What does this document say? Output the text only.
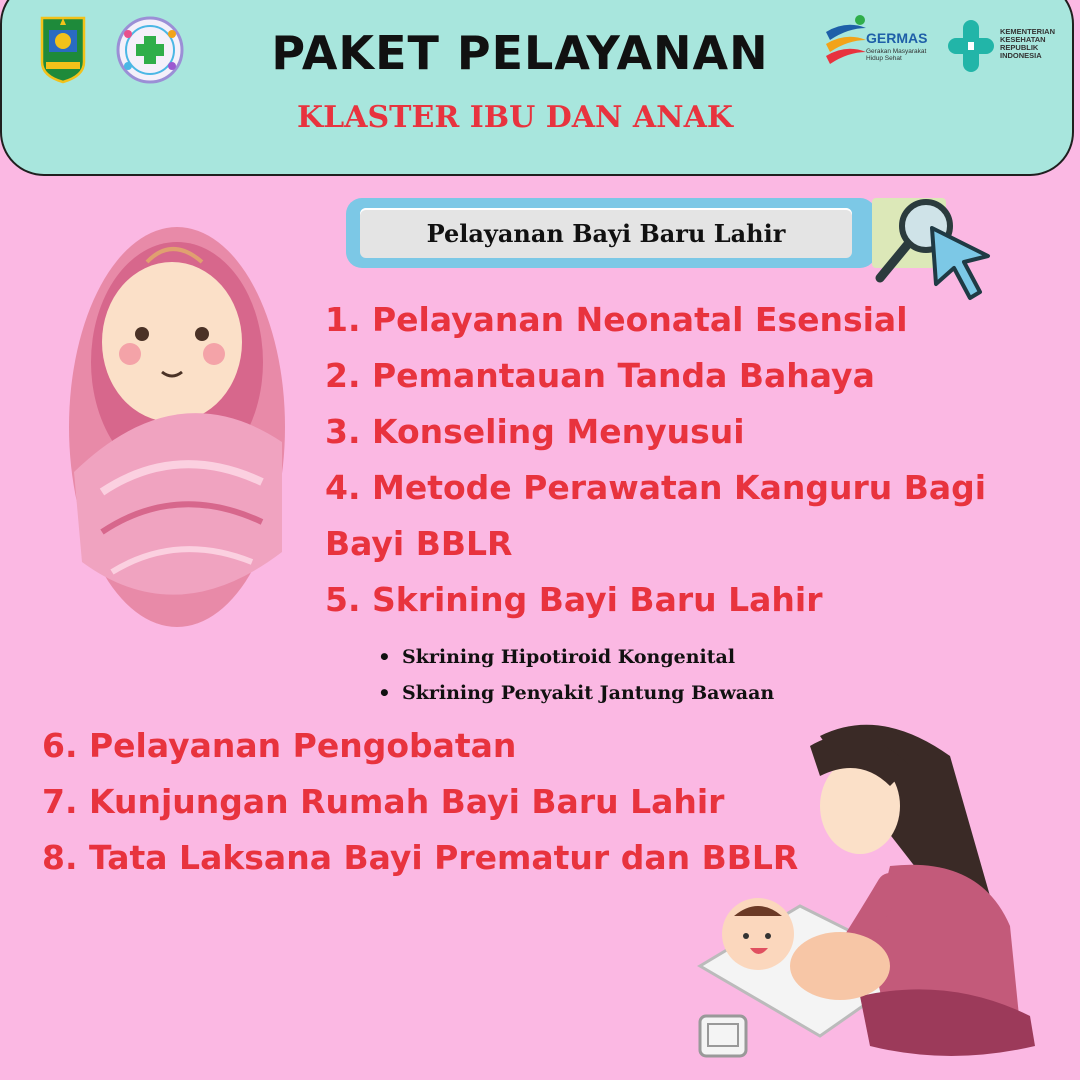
PAKET PELAYANAN
KLASTER IBU DAN ANAK
GERMAS
Gerakan Masyarakat Hidup Sehat
KEMENTERIAN KESEHATAN REPUBLIK INDONESIA
Pelayanan Bayi Baru Lahir

1. Pelayanan Neonatal Esensial

2. Pemantauan Tanda Bahaya

3. Konseling Menyusui

4. Metode Perawatan Kanguru Bagi

Bayi BBLR

5. Skrining Bayi Baru Lahir

• Skrining Hipotiroid Kongenital

• Skrining Penyakit Jantung Bawaan

6. Pelayanan Pengobatan

7. Kunjungan Rumah Bayi Baru Lahir

8. Tata Laksana Bayi Prematur dan BBLR
